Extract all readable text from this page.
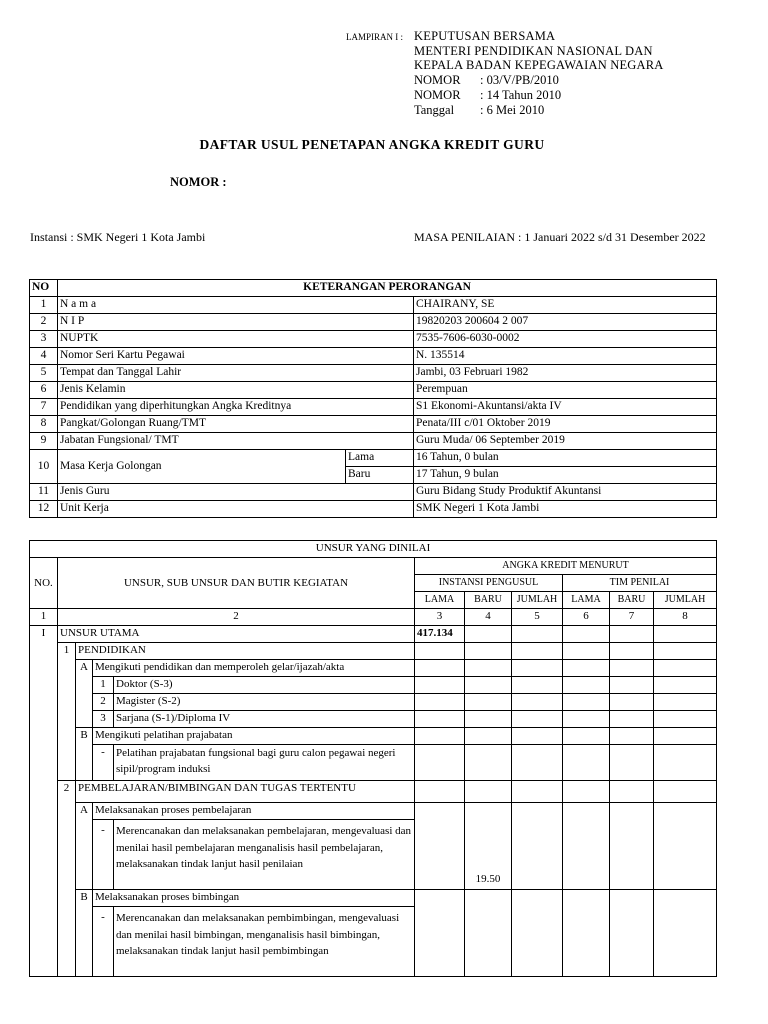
LAMPIRAN I : KEPUTUSAN BERSAMA
MENTERI PENDIDIKAN NASIONAL DAN
KEPALA BADAN KEPEGAWAIAN NEGARA
NOMOR : 03/V/PB/2010
NOMOR : 14 Tahun 2010
Tanggal : 6 Mei 2010
DAFTAR USUL PENETAPAN ANGKA KREDIT GURU
NOMOR :
Instansi : SMK Negeri 1 Kota Jambi	MASA PENILAIAN : 1 Januari 2022 s/d 31 Desember 2022
NO	KETERANGAN PERORANGAN		
1	N a m a		CHAIRANY, SE
2	N I P		19820203 200604 2 007
3	NUPTK		7535-7606-6030-0002
4	Nomor Seri Kartu Pegawai		N. 135514
5	Tempat dan Tanggal Lahir		Jambi, 03 Februari 1982
6	Jenis Kelamin		Perempuan
7	Pendidikan yang diperhitungkan Angka Kreditnya		S1 Ekonomi-Akuntansi/akta IV
8	Pangkat/Golongan Ruang/TMT		Penata/III c/01 Oktober 2019
9	Jabatan Fungsional/ TMT		Guru Muda/ 06 September 2019
10	Masa Kerja Golongan	Lama	16 Tahun, 0 bulan
		Baru	17 Tahun, 9 bulan
11	Jenis Guru		Guru Bidang Study Produktif Akuntansi
12	Unit Kerja		SMK Negeri 1 Kota Jambi
UNSUR YANG DINILAI										
NO.	UNSUR, SUB UNSUR DAN BUTIR KEGIATAN				ANGKA KREDIT MENURUT					
					INSTANSI PENGUSUL			TIM PENILAI		
					LAMA	BARU	JUMLAH	LAMA	BARU	JUMLAH
1	2				3	4	5	6	7	8
I	UNSUR UTAMA				417.134					
	1	PENDIDIKAN								
		A	Mengikuti pendidikan dan memperoleh gelar/ijazah/akta							
			1	Doktor (S-3)						
			2	Magister (S-2)						
			3	Sarjana (S-1)/Diploma IV						
		B	Mengikuti pelatihan prajabatan							
			-	Pelatihan prajabatan fungsional bagi guru calon pegawai negeri sipil/program induksi						
	2	PEMBELAJARAN/BIMBINGAN DAN TUGAS TERTENTU								
		A	Melaksanakan proses pembelajaran							
			-	Merencanakan dan melaksanakan pembelajaran, mengevaluasi dan menilai hasil pembelajaran menganalisis hasil pembelajaran, melaksanakan tindak lanjut hasil penilaian		19.50				
		B	Melaksanakan proses bimbingan							
			-	Merencanakan dan melaksanakan pembimbingan, mengevaluasi dan menilai hasil bimbingan, menganalisis hasil bimbingan, melaksanakan tindak lanjut hasil pembimbingan						
